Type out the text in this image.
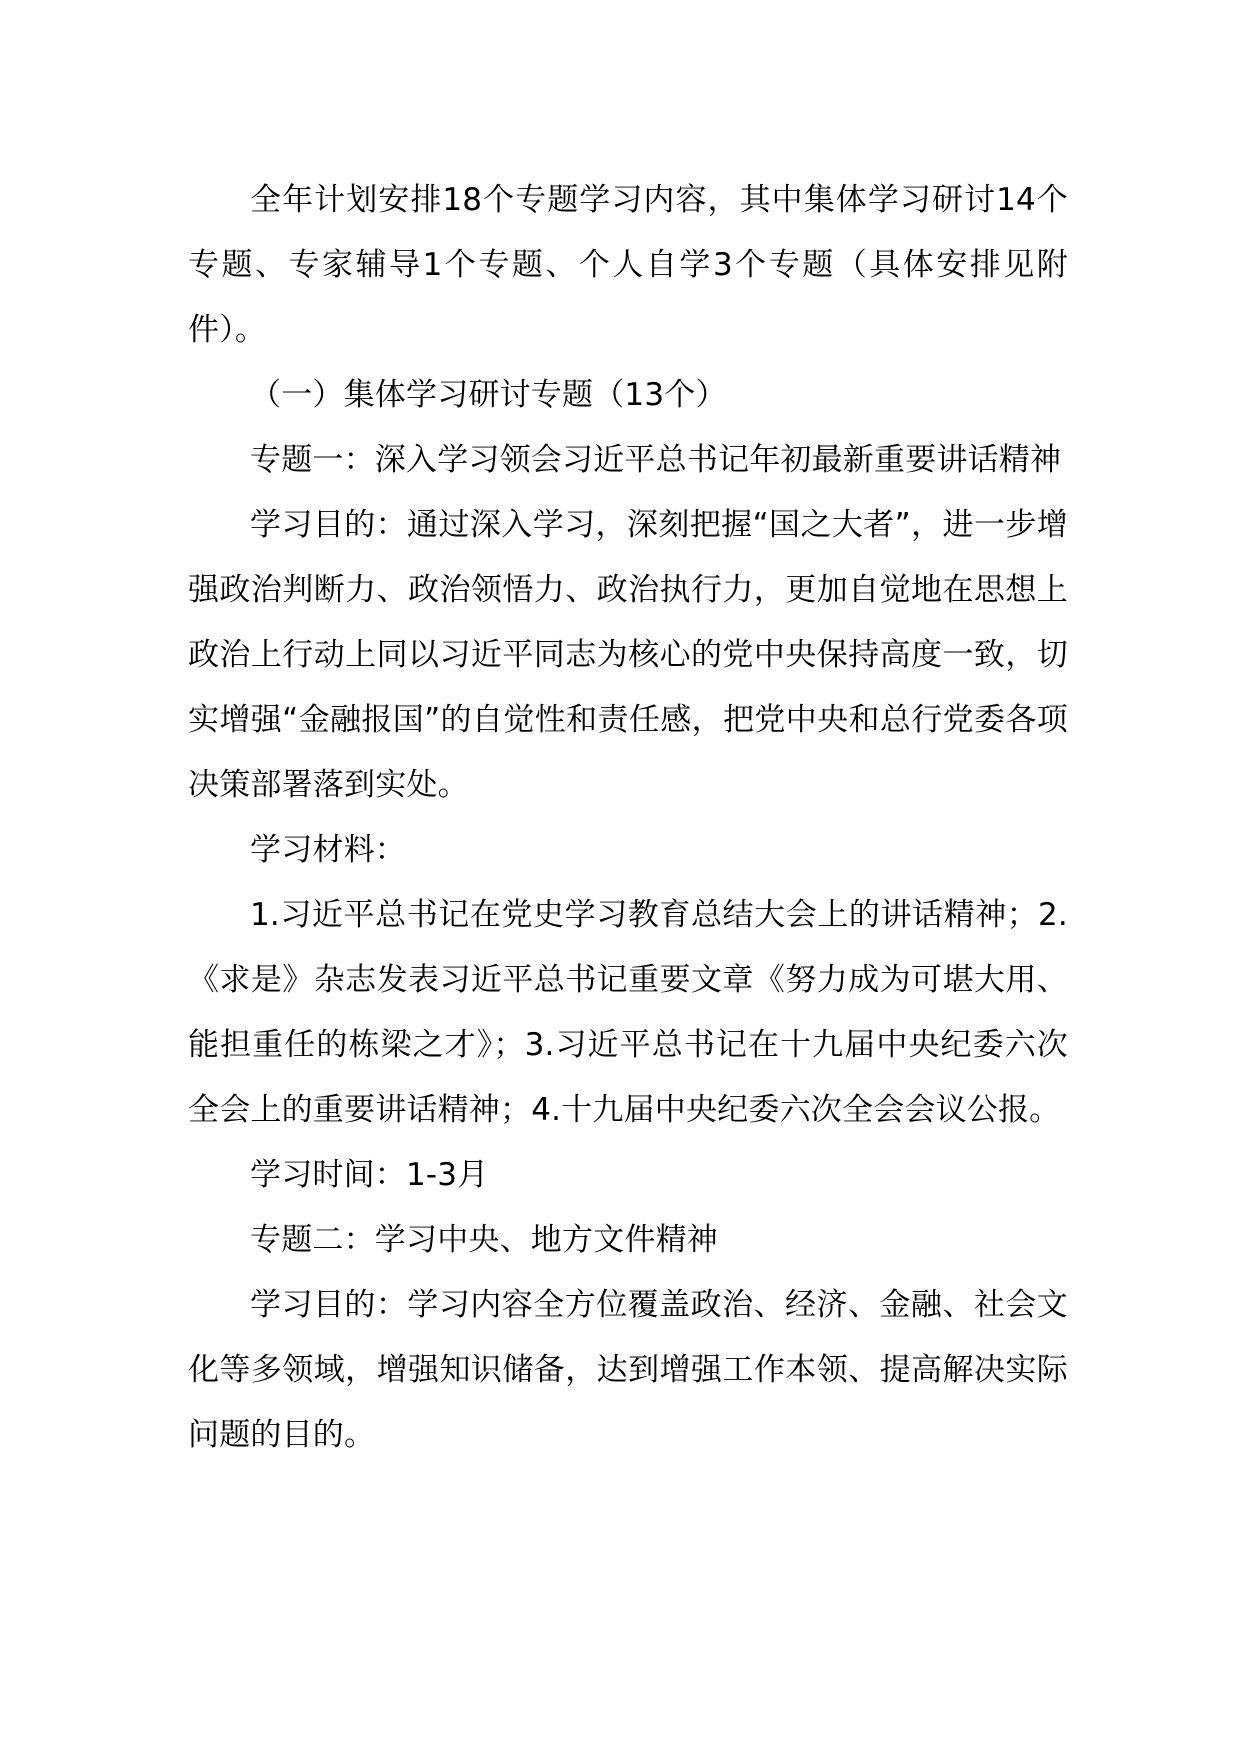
全年计划安排18个专题学习内容，其中集体学习研讨14个专题、专家辅导1个专题、个人自学3个专题（具体安排见附件）。

（一）集体学习研讨专题（13个）

专题一：深入学习领会习近平总书记年初最新重要讲话精神

学习目的：通过深入学习，深刻把握“国之大者”，进一步增强政治判断力、政治领悟力、政治执行力，更加自觉地在思想上政治上行动上同以习近平同志为核心的党中央保持高度一致，切实增强“金融报国”的自觉性和责任感，把党中央和总行党委各项决策部署落到实处。

学习材料：

1.习近平总书记在党史学习教育总结大会上的讲话精神；2.《求是》杂志发表习近平总书记重要文章《努力成为可堪大用、能担重任的栋梁之才》；3.习近平总书记在十九届中央纪委六次全会上的重要讲话精神；4.十九届中央纪委六次全会会议公报。

学习时间：1-3月

专题二：学习中央、地方文件精神

学习目的：学习内容全方位覆盖政治、经济、金融、社会文化等多领域，增强知识储备，达到增强工作本领、提高解决实际问题的目的。
